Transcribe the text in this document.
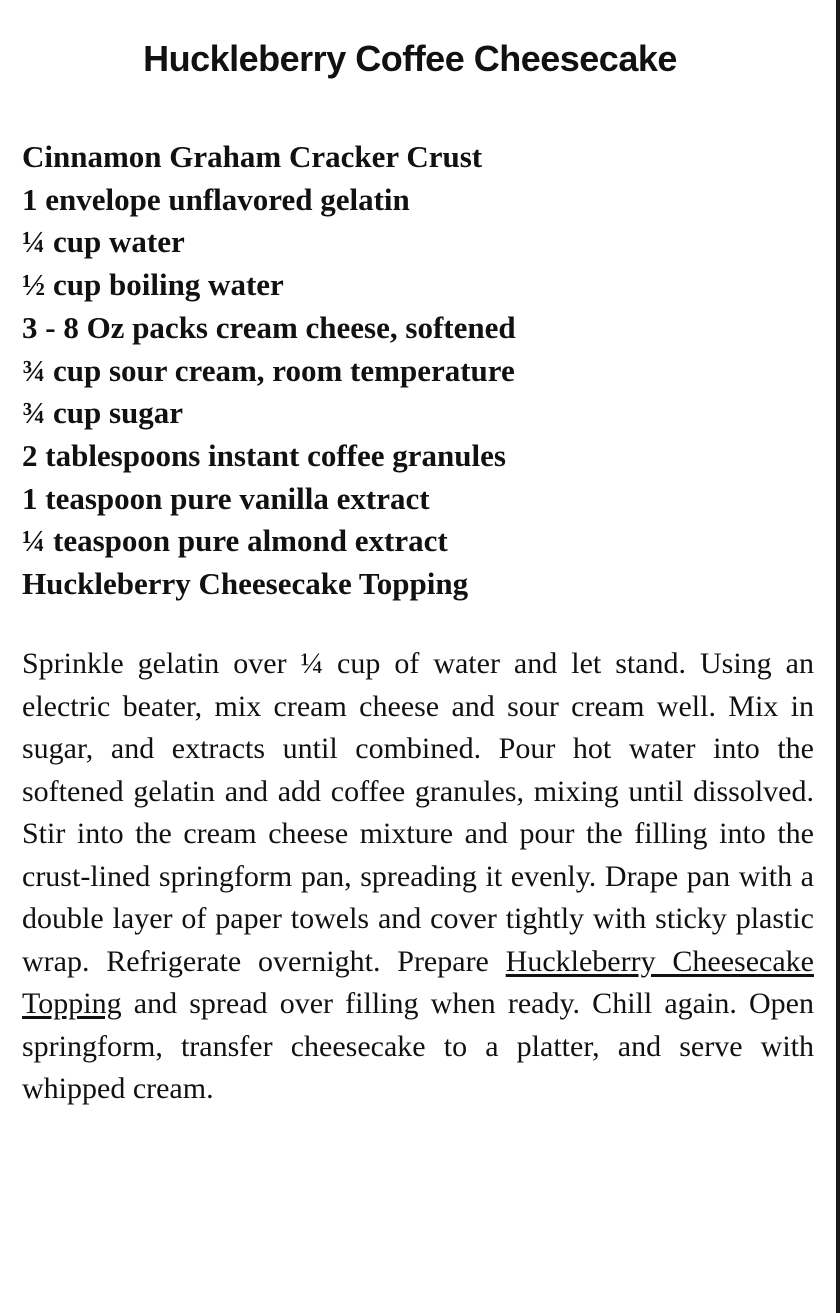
Huckleberry Coffee Cheesecake
Cinnamon Graham Cracker Crust
1 envelope unflavored gelatin
¼ cup water
½ cup boiling water
3 - 8 Oz packs cream cheese, softened
¾ cup sour cream, room temperature
¾ cup sugar
2 tablespoons instant coffee granules
1 teaspoon pure vanilla extract
¼ teaspoon pure almond extract
Huckleberry Cheesecake Topping

Sprinkle gelatin over ¼ cup of water and let stand. Using an electric beater, mix cream cheese and sour cream well. Mix in sugar, and extracts until combined. Pour hot water into the softened gelatin and add coffee granules, mixing until dissolved. Stir into the cream cheese mixture and pour the filling into the crust-lined springform pan, spreading it evenly. Drape pan with a double layer of paper towels and cover tightly with sticky plastic wrap. Refrigerate overnight. Prepare Huckleberry Cheesecake Topping and spread over filling when ready. Chill again. Open springform, transfer cheesecake to a platter, and serve with whipped cream.
